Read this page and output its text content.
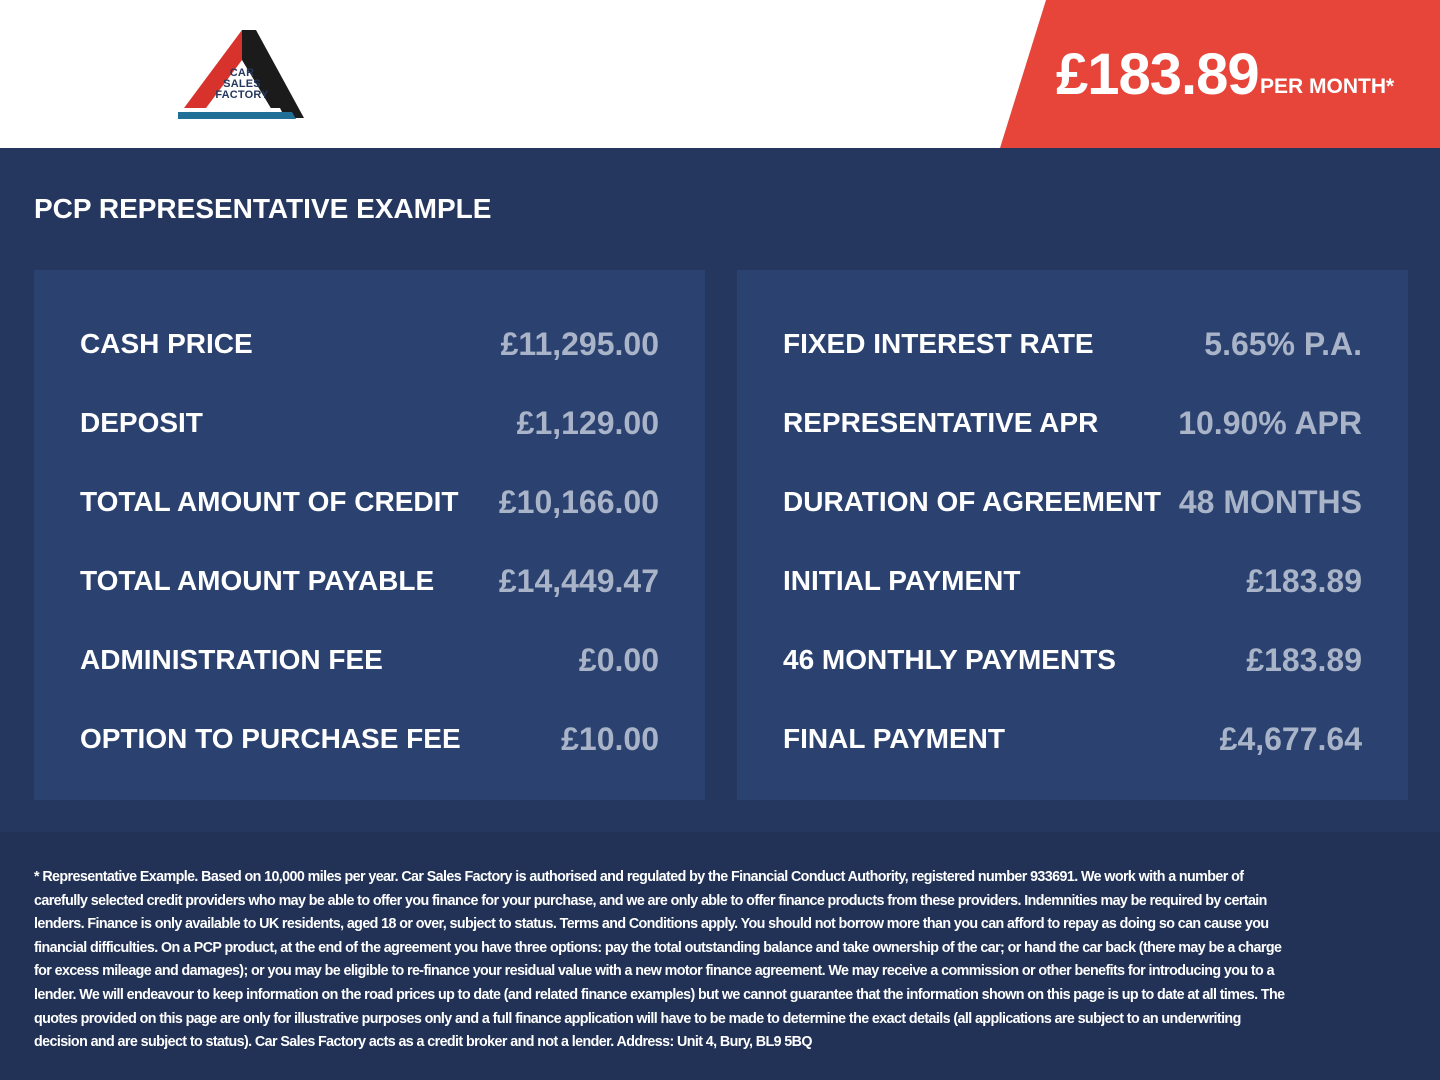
CAR
SALES
FACTORY	£183.89 PER MONTH*
PCP REPRESENTATIVE EXAMPLE
CASH PRICE	£11,295.00
DEPOSIT	£1,129.00
TOTAL AMOUNT OF CREDIT £10,166.00
TOTAL AMOUNT PAYABLE £14,449.47
ADMINISTRATION FEE	£0.00
OPTION TO PURCHASE FEE	£10.00
FIXED INTEREST RATE	5.65% P.A.
REPRESENTATIVE APR 10.90% APR
DURATION OF AGREEMENT 48 MONTHS
INITIAL PAYMENT	£183.89
46 MONTHLY PAYMENTS	£183.89
FINAL PAYMENT	£4,677.64
* Representative Example. Based on 10,000 miles per year. Car Sales Factory is authorised and regulated by the Financial Conduct Authority, registered number 933691. We work with a number of carefully selected credit providers who may be able to offer you finance for your purchase, and we are only able to offer finance products from these providers. Indemnities may be required by certain lenders. Finance is only available to UK residents, aged 18 or over, subject to status. Terms and Conditions apply. You should not borrow more than you can afford to repay as doing so can cause you financial difficulties. On a PCP product, at the end of the agreement you have three options: pay the total outstanding balance and take ownership of the car; or hand the car back (there may be a charge for excess mileage and damages); or you may be eligible to re-finance your residual value with a new motor finance agreement. We may receive a commission or other benefits for introducing you to a lender. We will endeavour to keep information on the road prices up to date (and related finance examples) but we cannot guarantee that the information shown on this page is up to date at all times. The quotes provided on this page are only for illustrative purposes only and a full finance application will have to be made to determine the exact details (all applications are subject to an underwriting decision and are subject to status). Car Sales Factory acts as a credit broker and not a lender. Address: Unit 4, Bury, BL9 5BQ
